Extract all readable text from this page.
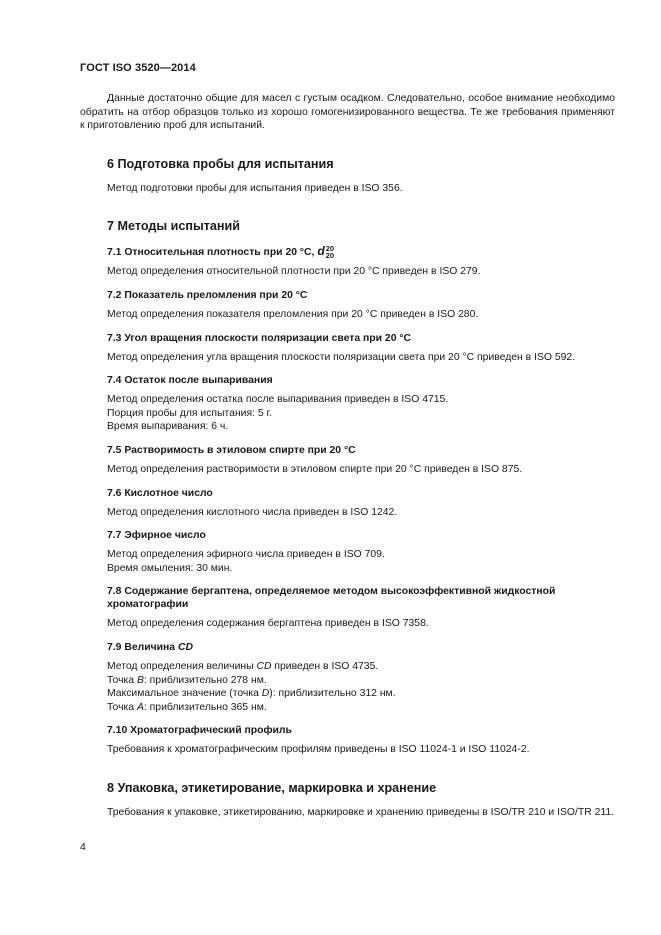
ГОСТ ISO 3520—2014

Данные достаточно общие для масел с густым осадком. Следовательно, особое внимание необходимо обратить на отбор образцов только из хорошо гомогенизированного вещества. Те же требования применяют к приготовлению проб для испытаний.

6 Подготовка пробы для испытания

Метод подготовки пробы для испытания приведен в ISO 356.

7 Методы испытаний
7.1 Относительная плотность при 20 °C, d 20
20

Метод определения относительной плотности при 20 °C приведен в ISO 279.

7.2 Показатель преломления при 20 °C

Метод определения показателя преломления при 20 °C приведен в ISO 280.

7.3 Угол вращения плоскости поляризации света при 20 °C

Метод определения угла вращения плоскости поляризации света при 20 °C приведен в ISO 592.

7.4 Остаток после выпаривания

Метод определения остатка после выпаривания приведен в ISO 4715.

Порция пробы для испытания: 5 г.

Время выпаривания: 6 ч.

7.5 Растворимость в этиловом спирте при 20 °C

Метод определения растворимости в этиловом спирте при 20 °C приведен в ISO 875.

7.6 Кислотное число

Метод определения кислотного числа приведен в ISO 1242.

7.7 Эфирное число

Метод определения эфирного числа приведен в ISO 709.

Время омыления: 30 мин.

7.8 Содержание бергаптена, определяемое методом высокоэффективной жидкостной
хроматографии

Метод определения содержания бергаптена приведен в ISO 7358.

7.9 Величина CD

Метод определения величины CD приведен в ISO 4735.

Точка B: приблизительно 278 нм.

Максимальное значение (точка D): приблизительно 312 нм.

Точка A: приблизительно 365 нм.

7.10 Хроматографический профиль

Требования к хроматографическим профилям приведены в ISO 11024-1 и ISO 11024-2.

8 Упаковка, этикетирование, маркировка и хранение

Требования к упаковке, этикетированию, маркировке и хранению приведены в ISO/TR 210 и ISO/TR 211.

4
